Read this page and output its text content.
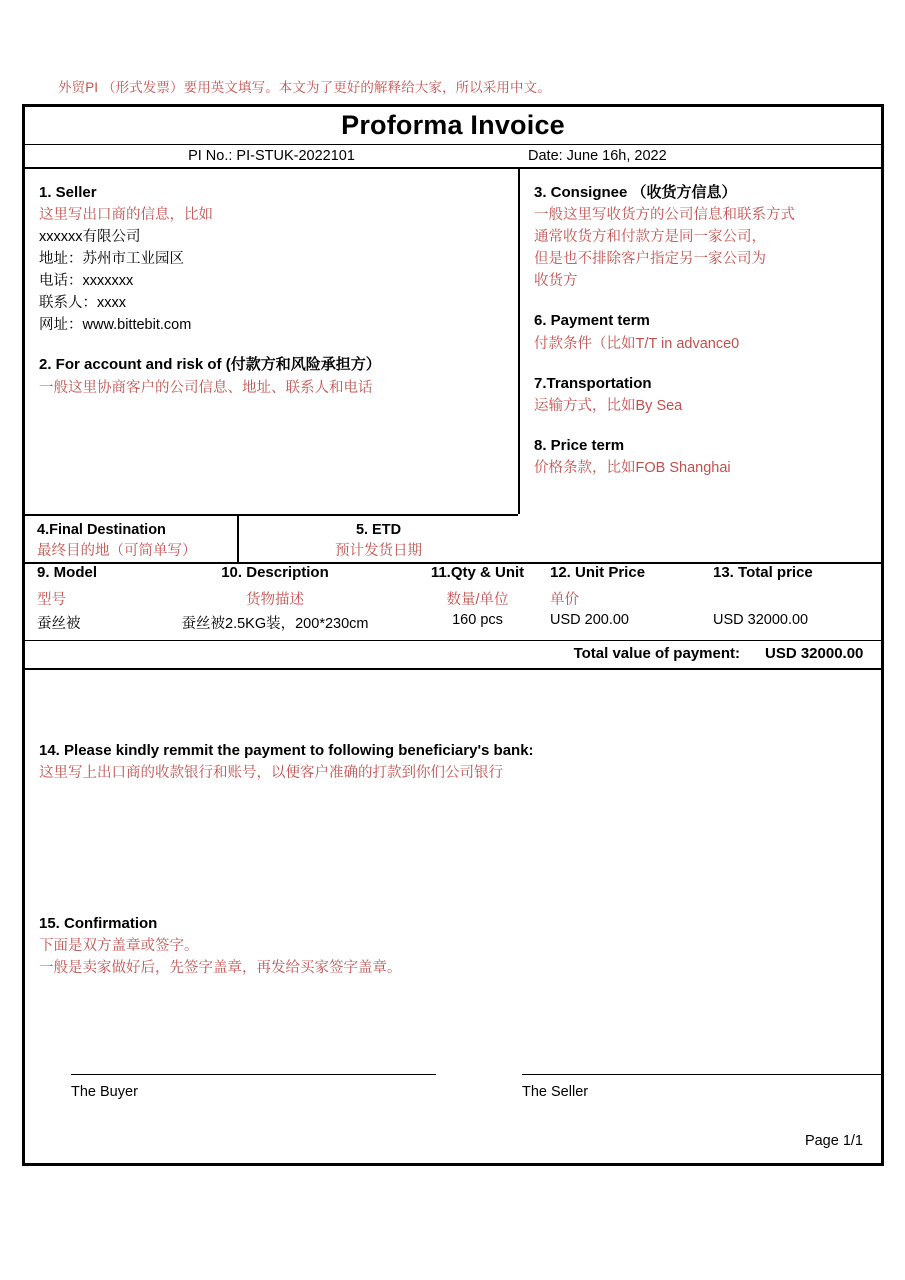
外贸PI （形式发票）要用英文填写。本文为了更好的解释给大家，所以采用中文。
Proforma Invoice
PI No.: PI-STUK-2022101	Date: June 16h, 2022
1. Seller
这里写出口商的信息，比如
xxxxxx有限公司
地址：苏州市工业园区
电话：xxxxxxx
联系人：xxxx
网址：www.bittebit.com
2. For account and risk of (付款方和风险承担方）
一般这里协商客户的公司信息、地址、联系人和电话
3. Consignee （收货方信息）
一般这里写收货方的公司信息和联系方式
通常收货方和付款方是同一家公司，
但是也不排除客户指定另一家公司为
收货方
6. Payment term
付款条件（比如T/T in advance0
7.Transportation
运输方式，比如By Sea
8. Price term
价格条款，比如FOB Shanghai
4.Final Destination
最终目的地（可简单写）
5. ETD
预计发货日期
9. Model	10. Description	11.Qty & Unit	12. Unit Price	13. Total price
型号	货物描述	数量/单位	单价
蚕丝被	蚕丝被2.5KG装，200*230cm	160 pcs	USD 200.00	USD 32000.00
Total value of payment: USD 32000.00
14. Please kindly remmit the payment to following beneficiary's bank:
这里写上出口商的收款银行和账号，以便客户准确的打款到你们公司银行
15. Confirmation
下面是双方盖章或签字。
一般是卖家做好后，先签字盖章，再发给买家签字盖章。
The Buyer	The Seller
Page 1/1
